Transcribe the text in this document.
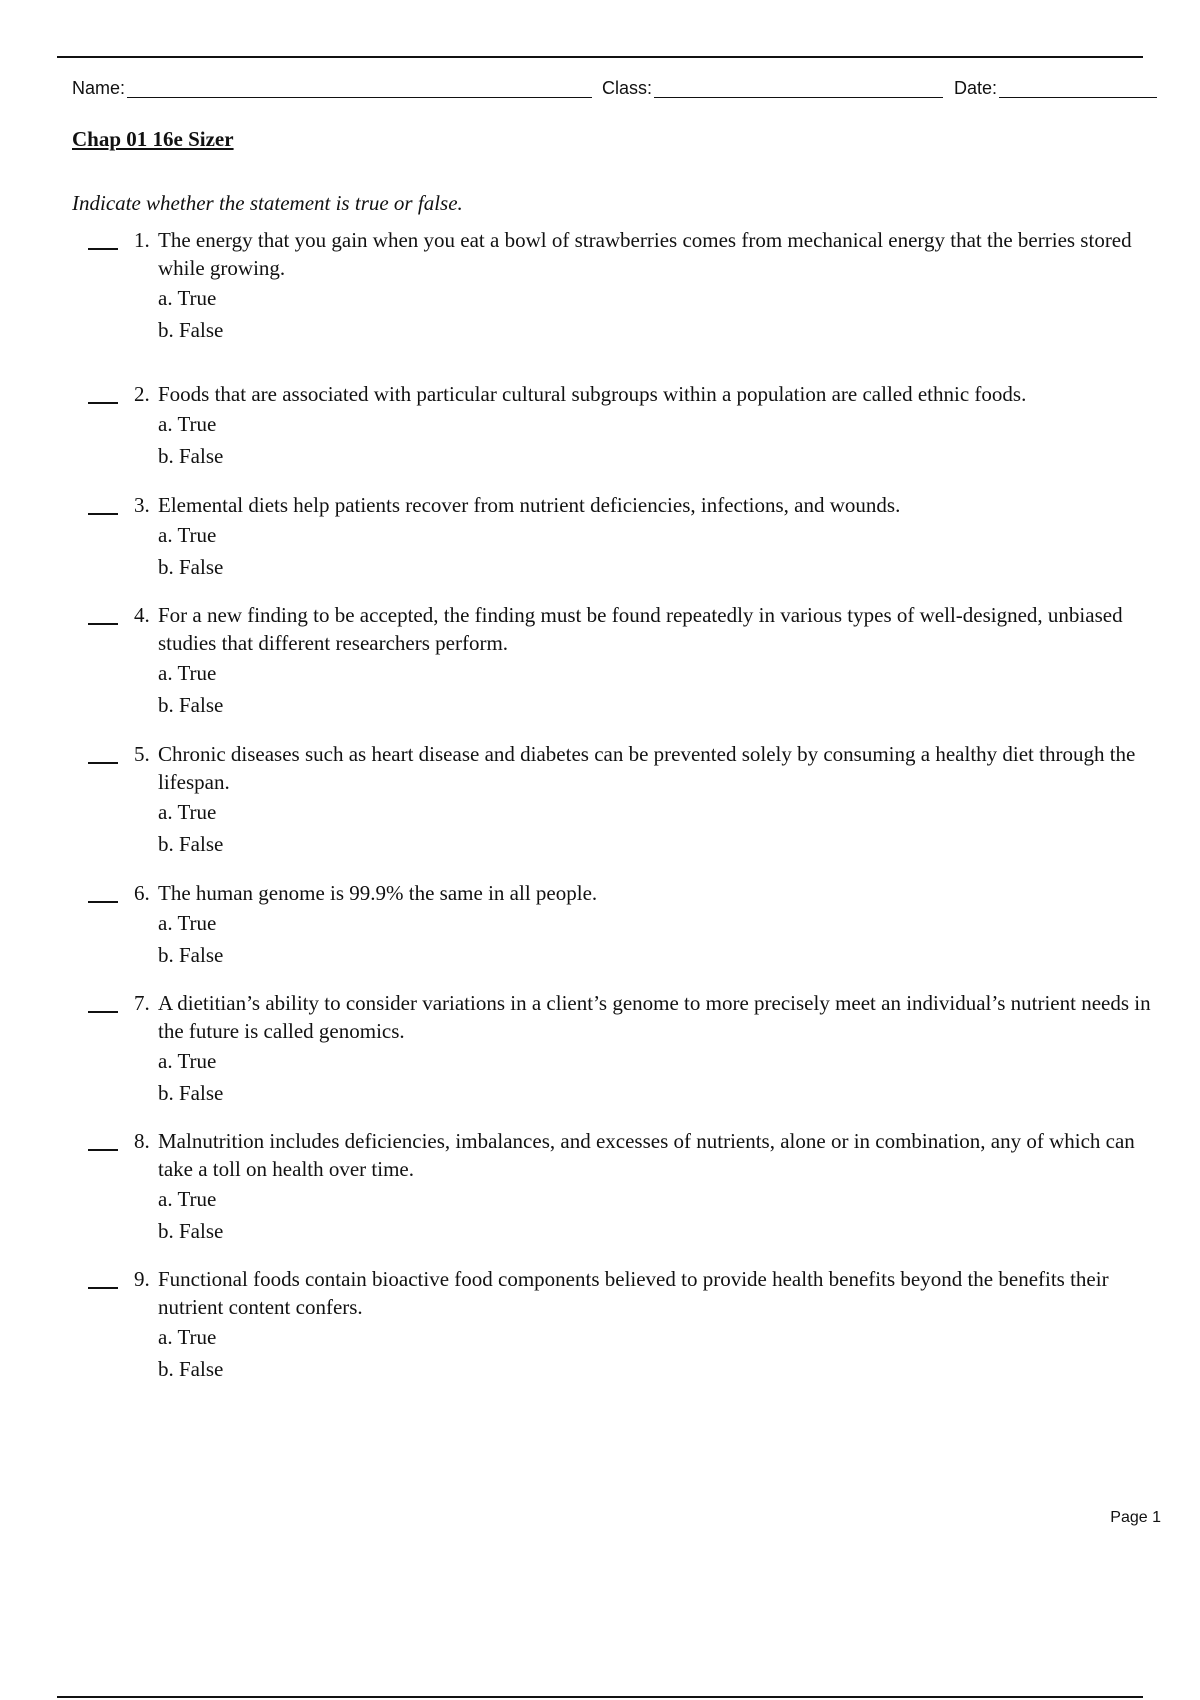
Name:	Class:	Date:
Chap 01 16e Sizer
Indicate whether the statement is true or false.
1. The energy that you gain when you eat a bowl of strawberries comes from mechanical energy that the berries stored while growing.
a. True
b. False
2. Foods that are associated with particular cultural subgroups within a population are called ethnic foods.
a. True
b. False
3. Elemental diets help patients recover from nutrient deficiencies, infections, and wounds.
a. True
b. False
4. For a new finding to be accepted, the finding must be found repeatedly in various types of well-designed, unbiased studies that different researchers perform.
a. True
b. False
5. Chronic diseases such as heart disease and diabetes can be prevented solely by consuming a healthy diet through the lifespan.
a. True
b. False
6. The human genome is 99.9% the same in all people.
a. True
b. False
7. A dietitian’s ability to consider variations in a client’s genome to more precisely meet an individual’s nutrient needs in the future is called genomics.
a. True
b. False
8. Malnutrition includes deficiencies, imbalances, and excesses of nutrients, alone or in combination, any of which can take a toll on health over time.
a. True
b. False
9. Functional foods contain bioactive food components believed to provide health benefits beyond the benefits their nutrient content confers.
a. True
b. False
Page 1
